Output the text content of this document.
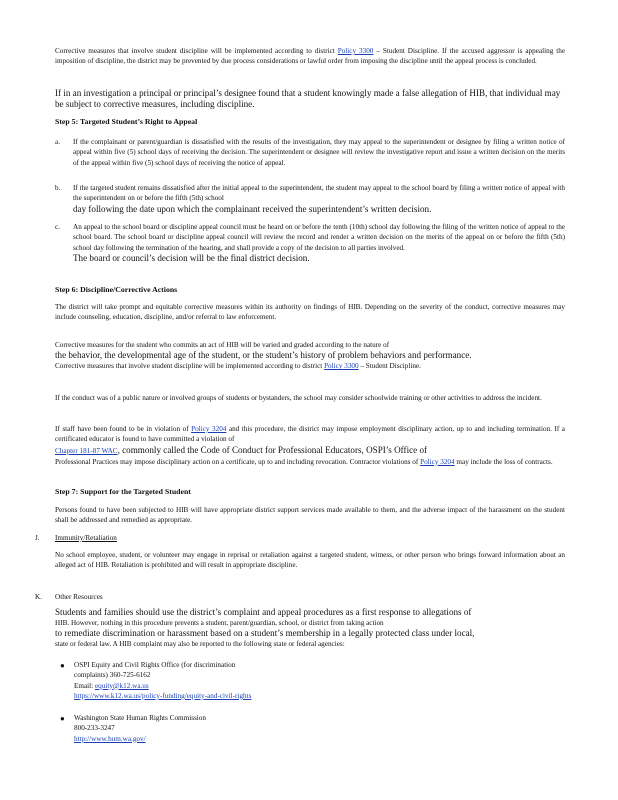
Corrective measures that involve student discipline will be implemented according to district Policy 3300 – Student Discipline. If the accused aggressor is appealing the imposition of discipline, the district may be prevented by due process considerations or lawful order from imposing the discipline until the appeal process is concluded.

If in an investigation a principal or principal’s designee found that a student knowingly made a false allegation of HIB, that individual may be subject to corrective measures, including discipline.

Step 5: Targeted Student’s Right to Appeal

a. If the complainant or parent/guardian is dissatisfied with the results of the investigation, they may appeal to the superintendent or designee by filing a written notice of appeal within five (5) school days of receiving the decision. The superintendent or designee will review the investigative report and issue a written decision on the merits of the appeal within five (5) school days of receiving the notice of appeal.

b. If the targeted student remains dissatisfied after the initial appeal to the superintendent, the student may appeal to the school board by filing a written notice of appeal with the superintendent on or before the fifth (5th) school

day following the date upon which the complainant received the superintendent’s written decision.

c. An appeal to the school board or discipline appeal council must be heard on or before the tenth (10th) school day following the filing of the written notice of appeal to the school board. The school board or discipline appeal council will review the record and render a written decision on the merits of the appeal on or before the fifth (5th) school day following the termination of the hearing, and shall provide a copy of the decision to all parties involved.

The board or council’s decision will be the final district decision.

Step 6: Discipline/Corrective Actions

The district will take prompt and equitable corrective measures within its authority on findings of HIB. Depending on the severity of the conduct, corrective measures may include counseling, education, discipline, and/or referral to law enforcement.

Corrective measures for the student who commits an act of HIB will be varied and graded according to the nature of

the behavior, the developmental age of the student, or the student’s history of problem behaviors and performance.

Corrective measures that involve student discipline will be implemented according to district Policy 3300 – Student Discipline.

If the conduct was of a public nature or involved groups of students or bystanders, the school may consider schoolwide training or other activities to address the incident.

If staff have been found to be in violation of Policy 3204 and this procedure, the district may impose employment disciplinary action, up to and including termination. If a certificated educator is found to have committed a violation of

Chapter 181-87 WAC, commonly called the Code of Conduct for Professional Educators, OSPI’s Office of

Professional Practices may impose disciplinary action on a certificate, up to and including revocation. Contractor violations of Policy 3204 may include the loss of contracts.

Step 7: Support for the Targeted Student

Persons found to have been subjected to HIB will have appropriate district support services made available to them, and the adverse impact of the harassment on the student shall be addressed and remedied as appropriate.

J. Immunity/Retaliation

No school employee, student, or volunteer may engage in reprisal or retaliation against a targeted student, witness, or other person who brings forward information about an alleged act of HIB. Retaliation is prohibited and will result in appropriate discipline.

K. Other Resources

Students and families should use the district’s complaint and appeal procedures as a first response to allegations of

HIB. However, nothing in this procedure prevents a student, parent/guardian, school, or district from taking action

to remediate discrimination or harassment based on a student’s membership in a legally protected class under local,

state or federal law. A HIB complaint may also be reported to the following state or federal agencies:

● OSPI Equity and Civil Rights Office (for discrimination

complaints) 360-725-6162

Email: equity@k12.wa.us

https://www.k12.wa.us/policy-funding/equity-and-civil-rights

● Washington State Human Rights Commission

800-233-3247

http://www.hum.wa.gov/
